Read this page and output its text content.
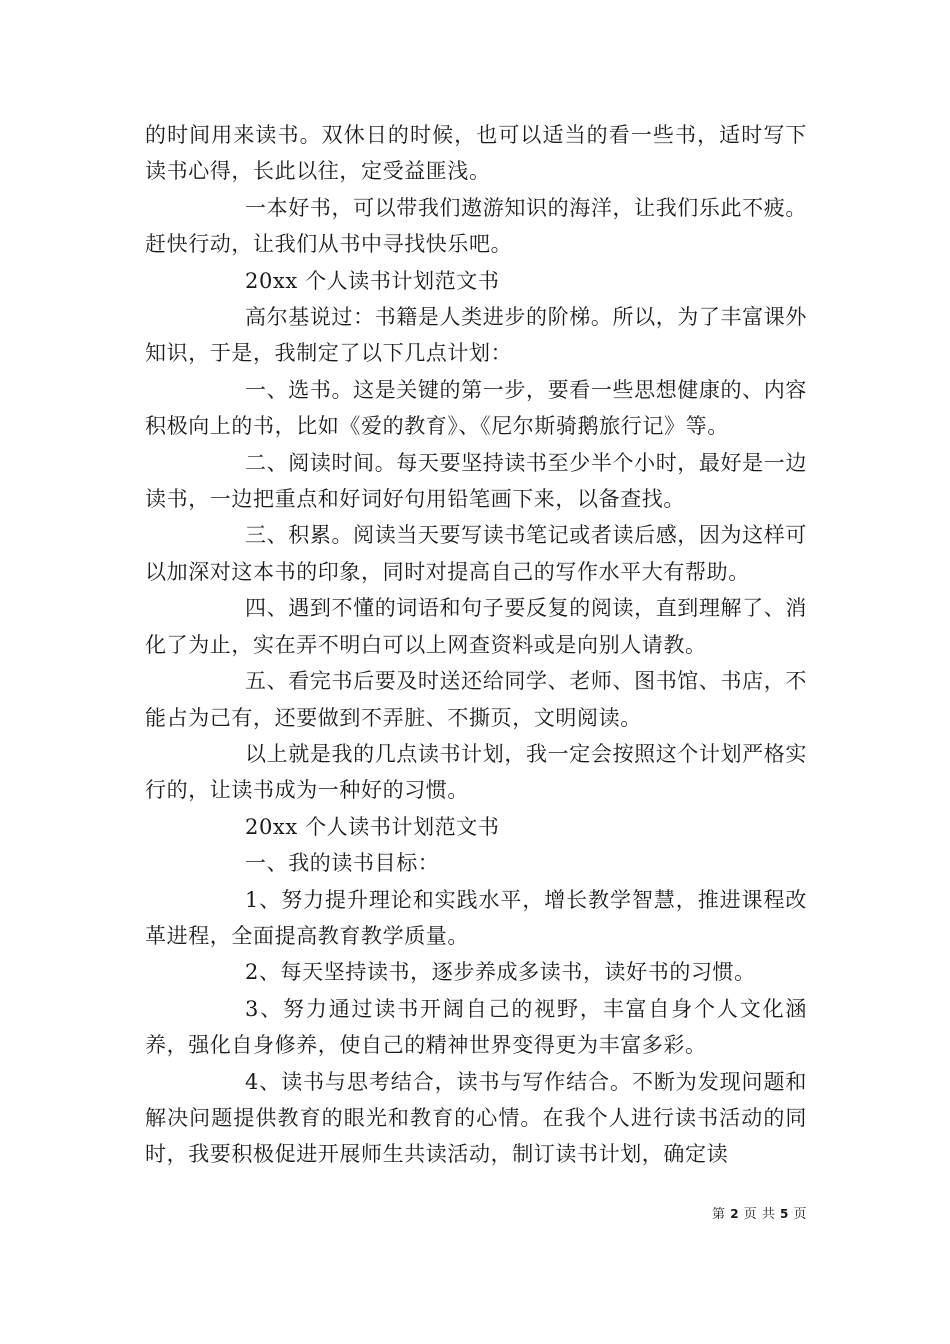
的时间用来读书。双休日的时候，也可以适当的看一些书，适时写下读书心得，长此以往，定受益匪浅。

一本好书，可以带我们遨游知识的海洋，让我们乐此不疲。赶快行动，让我们从书中寻找快乐吧。

20xx 个人读书计划范文书

高尔基说过：书籍是人类进步的阶梯。所以，为了丰富课外知识，于是，我制定了以下几点计划：

一、选书。这是关键的第一步，要看一些思想健康的、内容积极向上的书，比如《爱的教育》、《尼尔斯骑鹅旅行记》等。

二、阅读时间。每天要坚持读书至少半个小时，最好是一边读书，一边把重点和好词好句用铅笔画下来，以备查找。

三、积累。阅读当天要写读书笔记或者读后感，因为这样可以加深对这本书的印象，同时对提高自己的写作水平大有帮助。

四、遇到不懂的词语和句子要反复的阅读，直到理解了、消化了为止，实在弄不明白可以上网查资料或是向别人请教。

五、看完书后要及时送还给同学、老师、图书馆、书店，不能占为己有，还要做到不弄脏、不撕页，文明阅读。

以上就是我的几点读书计划，我一定会按照这个计划严格实行的，让读书成为一种好的习惯。

20xx 个人读书计划范文书

一、我的读书目标：

1、努力提升理论和实践水平，增长教学智慧，推进课程改革进程，全面提高教育教学质量。

2、每天坚持读书，逐步养成多读书，读好书的习惯。

3、努力通过读书开阔自己的视野，丰富自身个人文化涵养，强化自身修养，使自己的精神世界变得更为丰富多彩。

4、读书与思考结合，读书与写作结合。不断为发现问题和解决问题提供教育的眼光和教育的心情。在我个人进行读书活动的同时，我要积极促进开展师生共读活动，制订读书计划，确定读

第 2 页 共 5 页
